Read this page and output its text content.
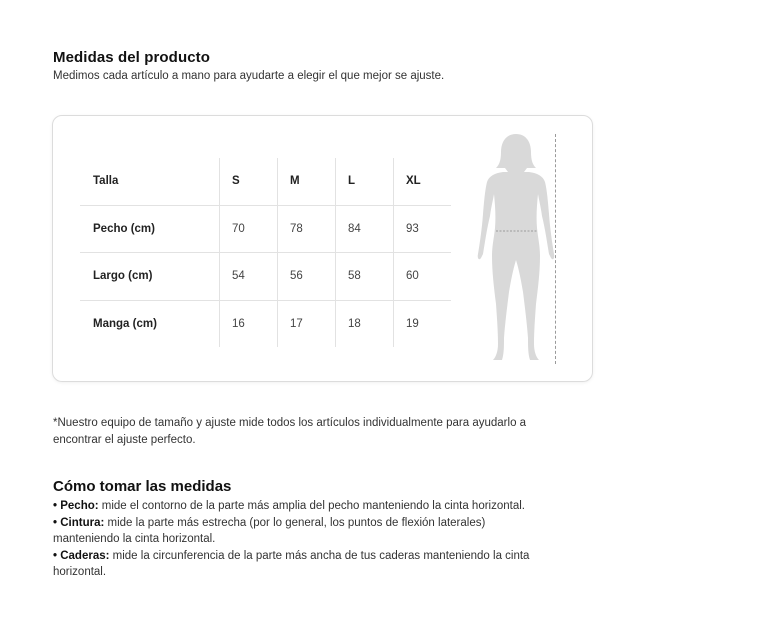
Medidas del producto
Medimos cada artículo a mano para ayudarte a elegir el que mejor se ajuste.
Talla	S	M	L	XL
Pecho (cm)	70	78	84	93
Largo (cm)	54	56	58	60
Manga (cm)	16	17	18	19
*Nuestro equipo de tamaño y ajuste mide todos los artículos individualmente para ayudarlo a encontrar el ajuste perfecto.
Cómo tomar las medidas
• Pecho: mide el contorno de la parte más amplia del pecho manteniendo la cinta horizontal.
• Cintura: mide la parte más estrecha (por lo general, los puntos de flexión laterales) manteniendo la cinta horizontal.
• Caderas: mide la circunferencia de la parte más ancha de tus caderas manteniendo la cinta horizontal.
